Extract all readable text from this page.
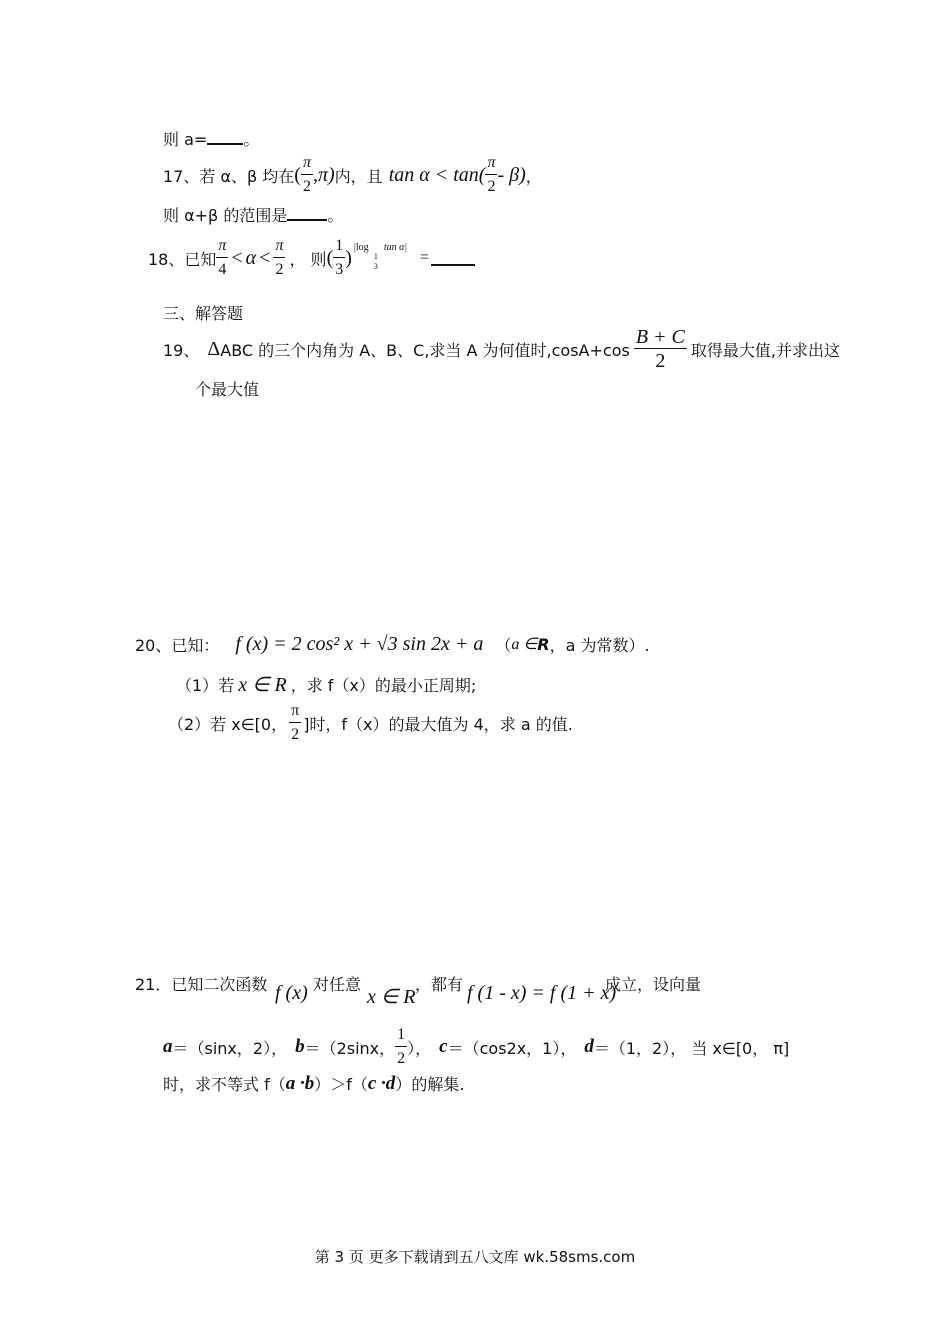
则 a= 。
17、若 α、β 均在 ( $\frac{\pi}{2} ,\pi$) 内，且 $\tan \alpha < \tan( \frac{\pi}{2} - \beta)$ ，
则 α+β 的范围是	。
18、已知 $\frac{\pi}{4} < \alpha < \frac{\pi}{2}$ ， 则 ( $\frac{1}{3}$ ) |log
1
3
tan α|
=
三、解答题
19、 Δ ABC 的三个内角为 A、B、C,求当 A 为何值时$,\cos A+\cos \frac{B + C}{2}$ 取得最大值,并求出这
个最大值
20、已知： f (x) = 2 cos² x + √3 sin 2x + a （ a ∈ R ，a 为常数）.
（1）若 x ∈ R ，求 f（x）的最小正周期;
（2）若 x∈[0， $\frac{\pi}{2}$ ]时，f（x）的最大值为 4，求 a 的值.
21．已知二次函数 f (x) 对任意
x ∈ R
，都有 f (1 - x) = f (1 + x)
成立，设向量
a ＝（sinx，2）， b ＝（2sinx， $\frac{1}{2}$ ）， c ＝（cos2x，1）， d ＝（1，2）， 当 x∈[0， π]
时，求不等式 f（ a ·b ）＞f（ c ·d ）的解集.
第 3 页 更多下载请到五八文库 wk.58sms.com
